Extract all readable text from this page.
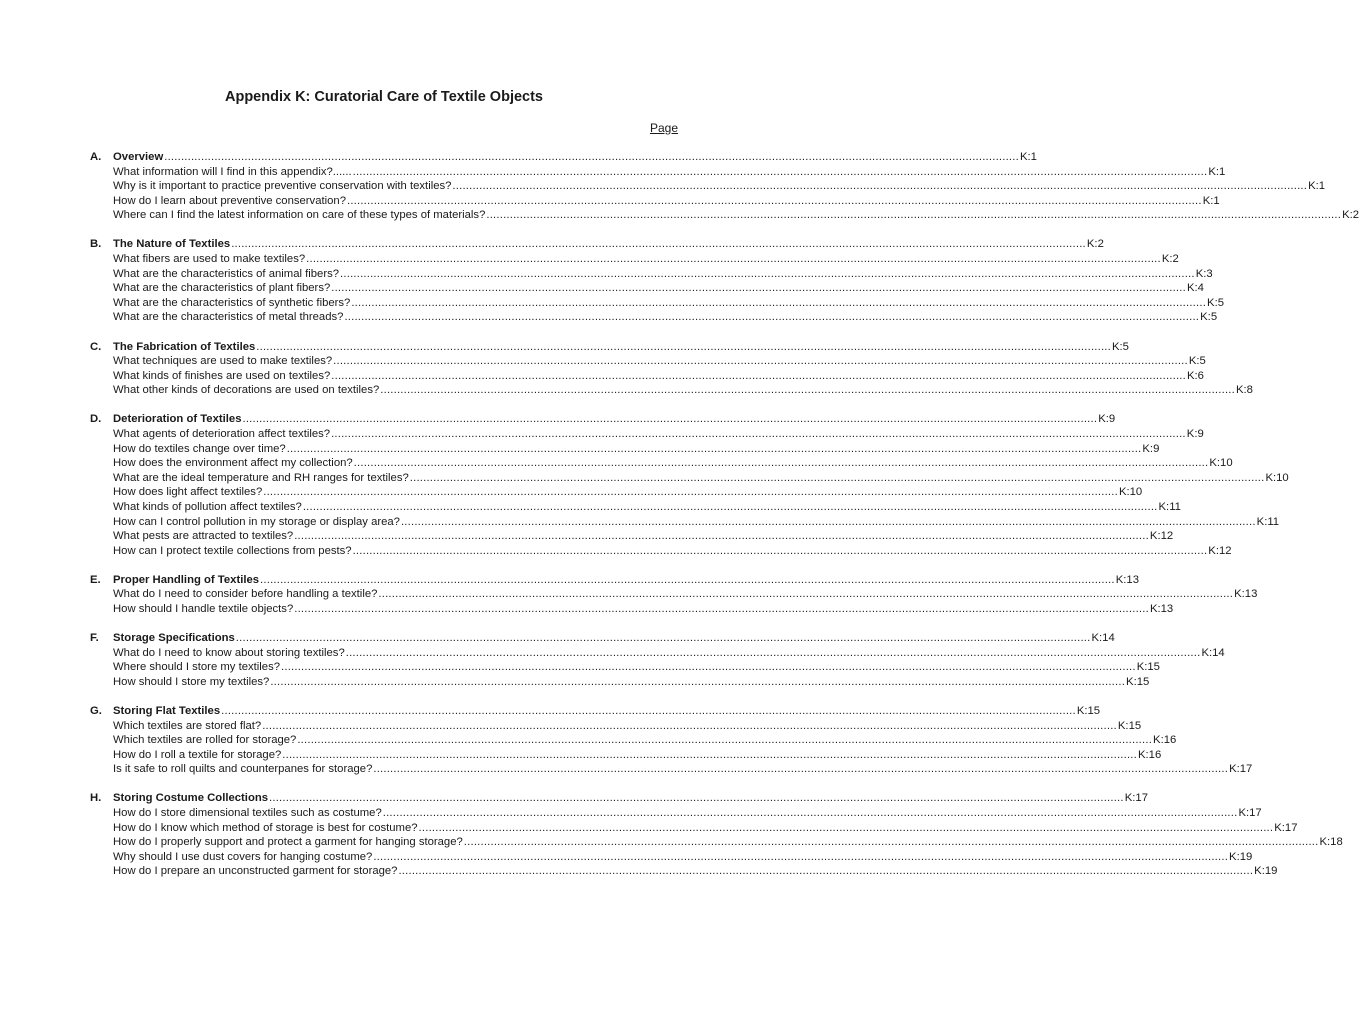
Appendix K: Curatorial Care of Textile Objects
Page
A.	Overview .....	K:1
What information will I find in this appendix?...... .....	K:1
Why is it important to practice preventive conservation with textiles? .....	K:1
How do I learn about preventive conservation? .....	K:1
Where can I find the latest information on care of these types of materials? .....	K:2
B.	The Nature of Textiles .....	K:2
What fibers are used to make textiles? .....	K:2
What are the characteristics of animal fibers? .....	K:3
What are the characteristics of plant fibers? .....	K:4
What are the characteristics of synthetic fibers? .....	K:5
What are the characteristics of metal threads? .....	K:5
C.	The Fabrication of Textiles .....	K:5
What techniques are used to make textiles? .....	K:5
What kinds of finishes are used on textiles? .....	K:6
What other kinds of decorations are used on textiles? .....	K:8
D.	Deterioration of Textiles .....	K:9
What agents of deterioration affect textiles? .....	K:9
How do textiles change over time? .....	K:9
How does the environment affect my collection? .....	K:10
What are the ideal temperature and RH ranges for textiles? .....	K:10
How does light affect textiles? .....	K:10
What kinds of pollution affect textiles? .....	K:11
How can I control pollution in my storage or display area? .....	K:11
What pests are attracted to textiles? .....	K:12
How can I protect textile collections from pests? .....	K:12
E.	Proper Handling of Textiles .....	K:13
What do I need to consider before handling a textile? .....	K:13
How should I handle textile objects? .....	K:13
F.	Storage Specifications .....	K:14
What do I need to know about storing textiles? .....	K:14
Where should I store my textiles? .....	K:15
How should I store my textiles? .....	K:15
G. Storing Flat Textiles .....	K:15
Which textiles are stored flat? .....	K:15
Which textiles are rolled for storage? .....	K:16
How do I roll a textile for storage? .....	K:16
Is it safe to roll quilts and counterpanes for storage? .....	K:17
H.	Storing Costume Collections .....	K:17
How do I store dimensional textiles such as costume? .....	K:17
How do I know which method of storage is best for costume? .....	K:17
How do I properly support and protect a garment for hanging storage? .....	K:18
Why should I use dust covers for hanging costume? .....	K:19
How do I prepare an unconstructed garment for storage? .....	K:19
